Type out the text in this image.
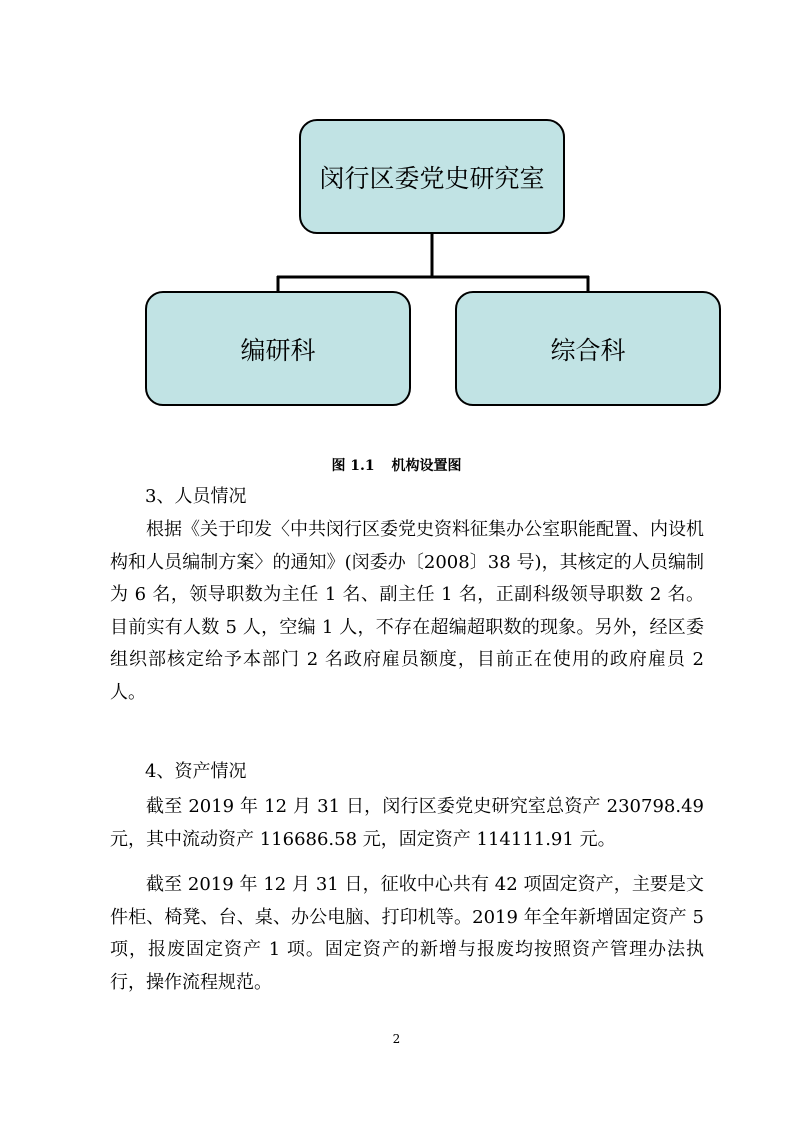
闵行区委党史研究室
编研科	综合科
图 1.1 机构设置图

3、人员情况

根据《关于印发〈中共闵行区委党史资料征集办公室职能配置、内设机构和人员编制方案〉的通知》(闵委办〔2008〕38 号)，其核定的人员编制为 6 名，领导职数为主任 1 名、副主任 1 名，正副科级领导职数 2 名。目前实有人数 5 人，空编 1 人，不存在超编超职数的现象。另外，经区委组织部核定给予本部门 2 名政府雇员额度，目前正在使用的政府雇员 2 人。

4、资产情况

截至 2019 年 12 月 31 日，闵行区委党史研究室总资产 230798.49 元，其中流动资产 116686.58 元，固定资产 114111.91 元。

截至 2019 年 12 月 31 日，征收中心共有 42 项固定资产，主要是文件柜、椅凳、台、桌、办公电脑、打印机等。2019 年全年新增固定资产 5 项，报废固定资产 1 项。固定资产的新增与报废均按照资产管理办法执行，操作流程规范。

2
